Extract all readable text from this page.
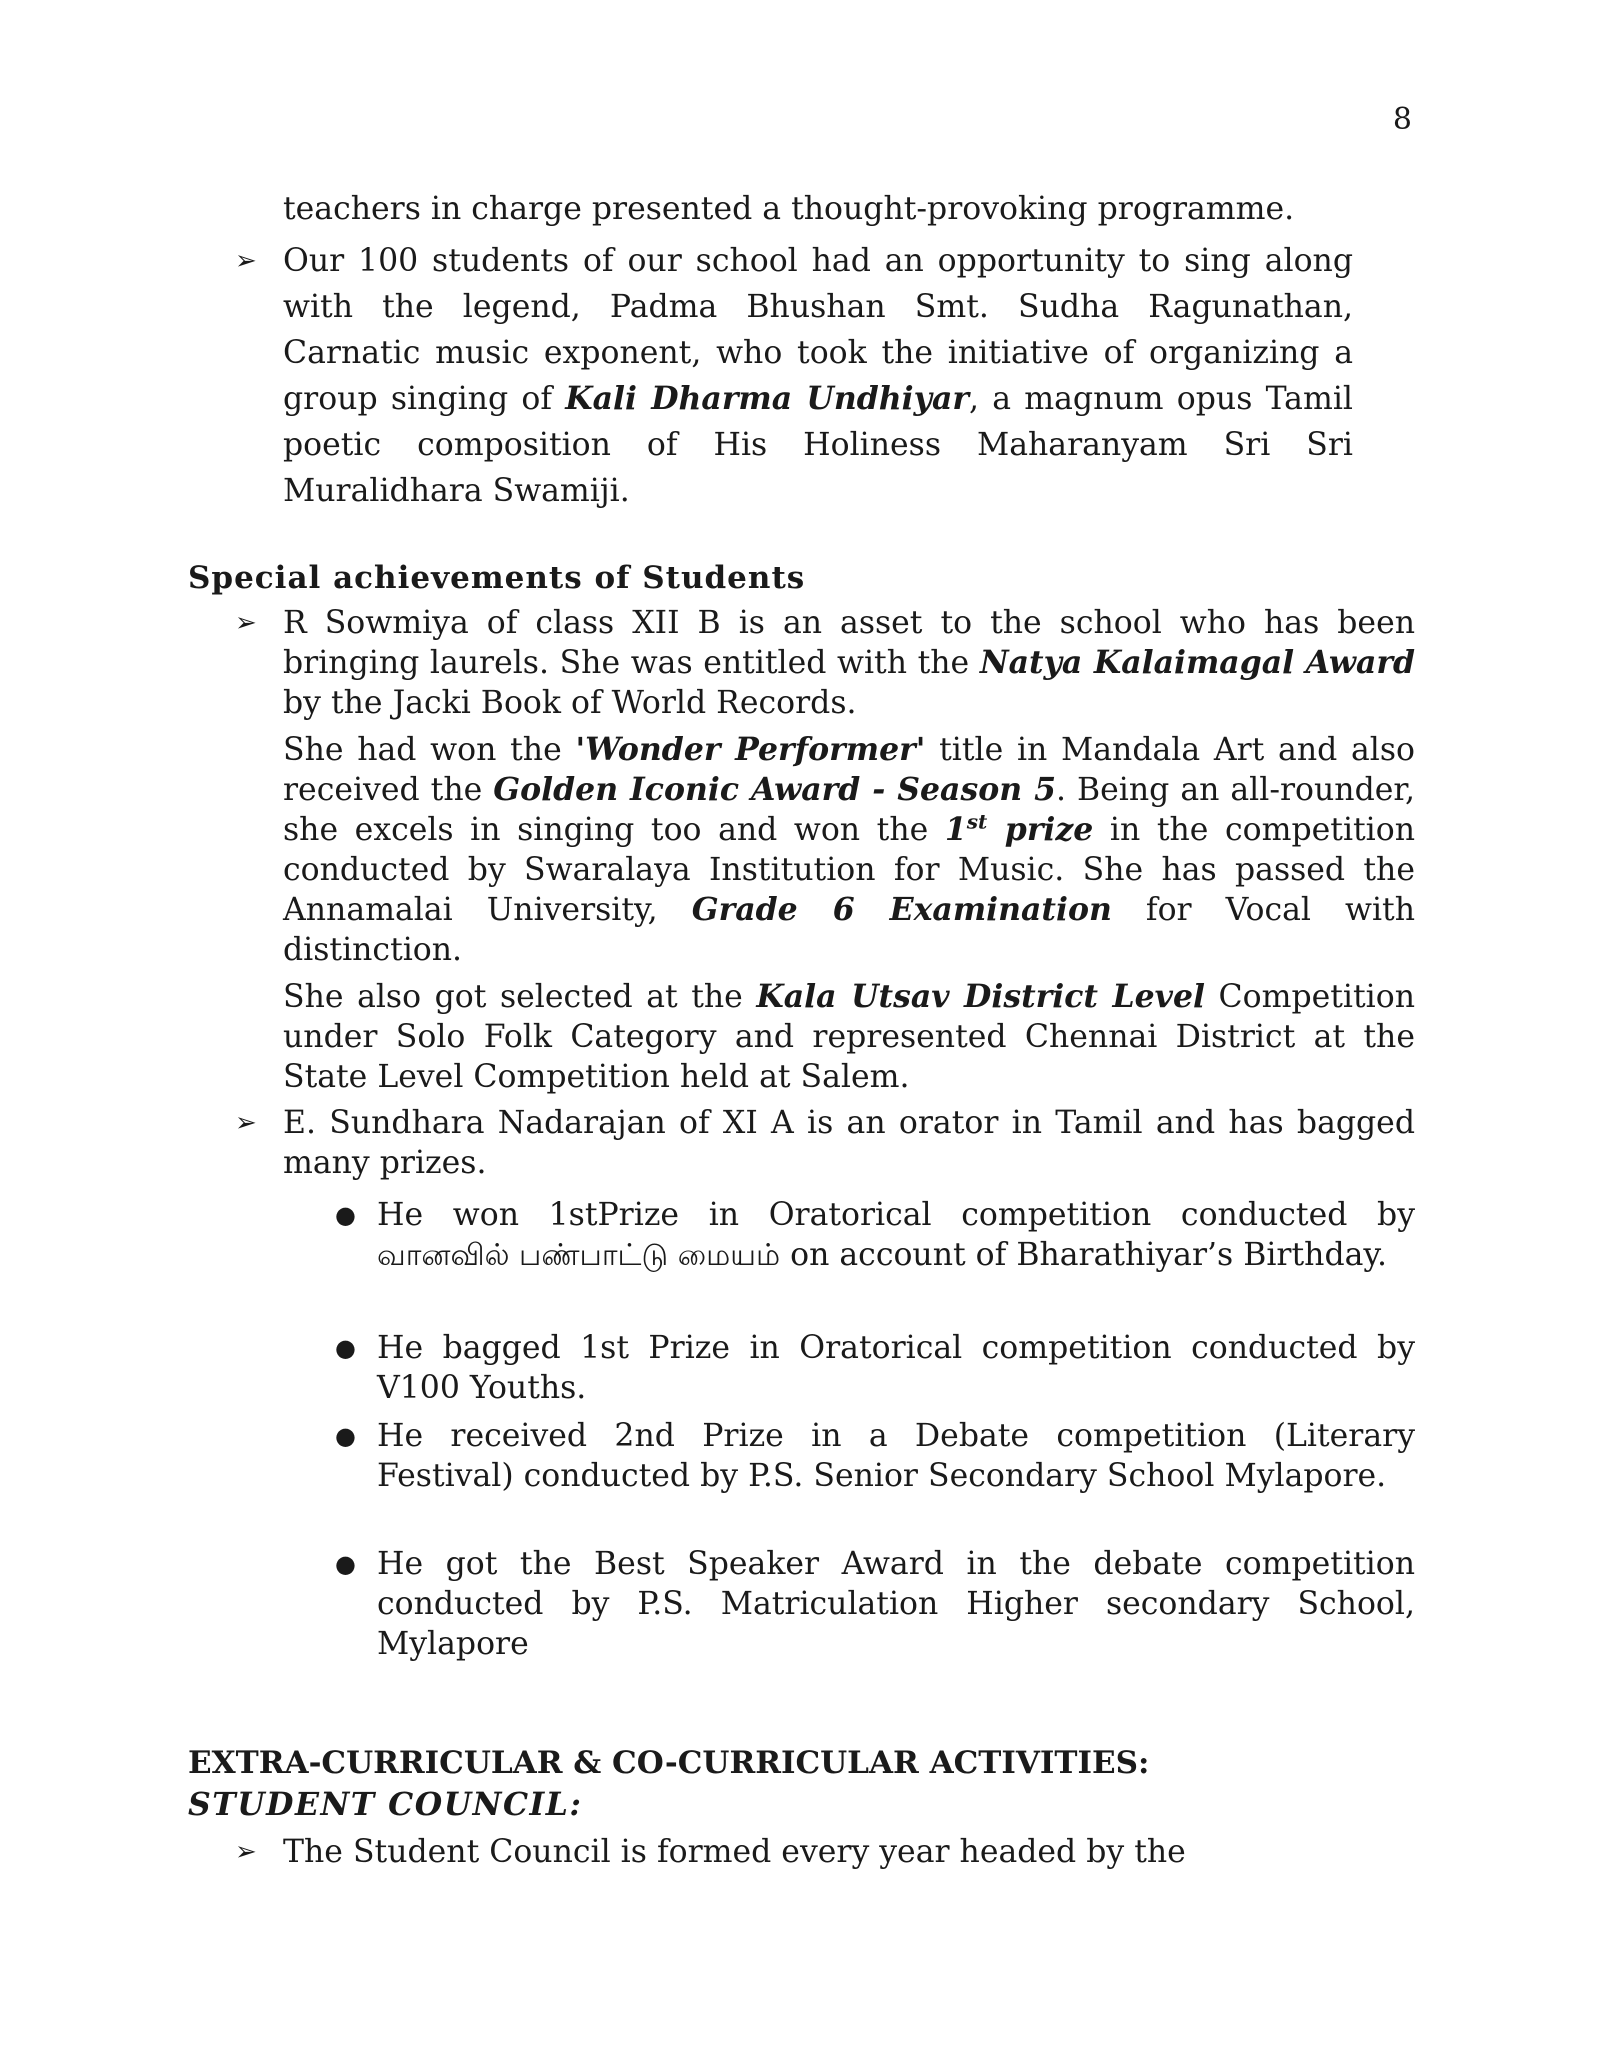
8
teachers in charge presented a thought-provoking programme.
➢ Our 100 students of our school had an opportunity to sing along with the legend, Padma Bhushan Smt. Sudha Ragunathan, Carnatic music exponent, who took the initiative of organizing a group singing of Kali Dharma Undhiyar, a magnum opus Tamil poetic composition of His Holiness Maharanyam Sri Sri Muralidhara Swamiji.
Special achievements of Students
➢ R Sowmiya of class XII B is an asset to the school who has been bringing laurels. She was entitled with the Natya Kalaimagal Award by the Jacki Book of World Records.
She had won the 'Wonder Performer' title in Mandala Art and also received the Golden Iconic Award - Season 5. Being an all-rounder, she excels in singing too and won the 1st prize in the competition conducted by Swaralaya Institution for Music. She has passed the Annamalai University, Grade 6 Examination for Vocal with distinction.
She also got selected at the Kala Utsav District Level Competition under Solo Folk Category and represented Chennai District at the State Level Competition held at Salem.
➢ E. Sundhara Nadarajan of XI A is an orator in Tamil and has bagged many prizes.
● He won 1stPrize in Oratorical competition conducted by வானவில் பண்பாட்டு மையம் on account of Bharathiyar’s Birthday.
● He bagged 1st Prize in Oratorical competition conducted by V100 Youths.
● He received 2nd Prize in a Debate competition (Literary Festival) conducted by P.S. Senior Secondary School Mylapore.
● He got the Best Speaker Award in the debate competition conducted by P.S. Matriculation Higher secondary School, Mylapore
EXTRA-CURRICULAR & CO-CURRICULAR ACTIVITIES:
STUDENT COUNCIL:
➢ The Student Council is formed every year headed by the
